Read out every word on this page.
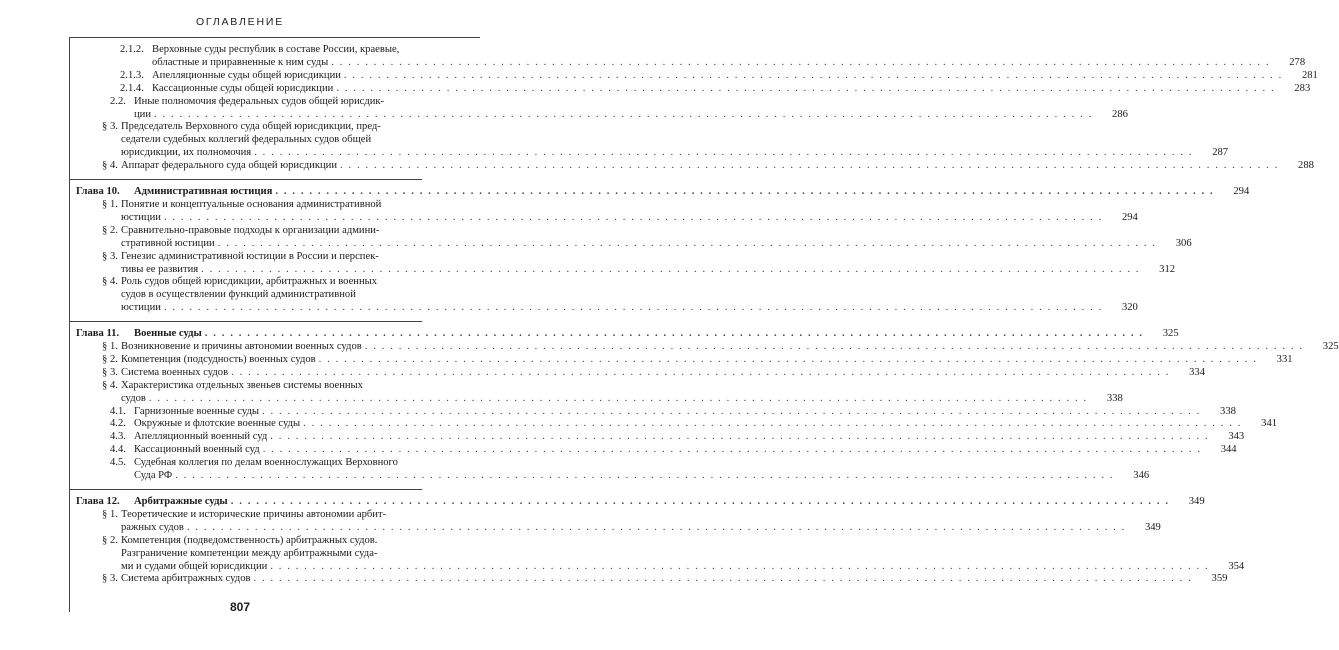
ОГЛАВЛЕНИЕ
2.1.2. Верховные суды республик в составе России, краевые,
областные и приравненные к ним суды . . .	278
2.1.3. Апелляционные суды общей юрисдикции . . .	281
2.1.4. Кассационные суды общей юрисдикции . . .	283
2.2. Иные полномочия федеральных судов общей юрисдик-
ции . . .	286
§ 3. Председатель Верховного суда общей юрисдикции, пред-
седатели судебных коллегий федеральных судов общей
юрисдикции, их полномочия . . .	287
§ 4. Аппарат федерального суда общей юрисдикции . . .	288
Глава 10.	Административная юстиция . . .	294
§ 1. Понятие и концептуальные основания административной
юстиции . . .	294
§ 2. Сравнительно-правовые подходы к организации админи-
стративной юстиции . . .	306
§ 3. Генезис административной юстиции в России и перспек-
тивы ее развития . . .	312
§ 4. Роль судов общей юрисдикции, арбитражных и военных
судов в осуществлении функций административной
юстиции . . .	320
Глава 11.	Военные суды . . .	325
§ 1. Возникновение и причины автономии военных судов . . .	325
§ 2. Компетенция (подсудность) военных судов . . .	331
§ 3. Система военных судов . . .	334
§ 4. Характеристика отдельных звеньев системы военных
судов . . .	338
4.1. Гарнизонные военные суды . . .	338
4.2. Окружные и флотские военные суды . . .	341
4.3. Апелляционный военный суд . . .	343
4.4. Кассационный военный суд . . .	344
4.5. Судебная коллегия по делам военнослужащих Верховного
Суда РФ . . .	346
Глава 12.	Арбитражные суды . . .	349
§ 1. Теоретические и исторические причины автономии арбит-
ражных судов . . .	349
§ 2. Компетенция (подведомственность) арбитражных судов.
Разграничение компетенции между арбитражными суда-
ми и судами общей юрисдикции . . .	354
§ 3. Система арбитражных судов . . .	359
807
